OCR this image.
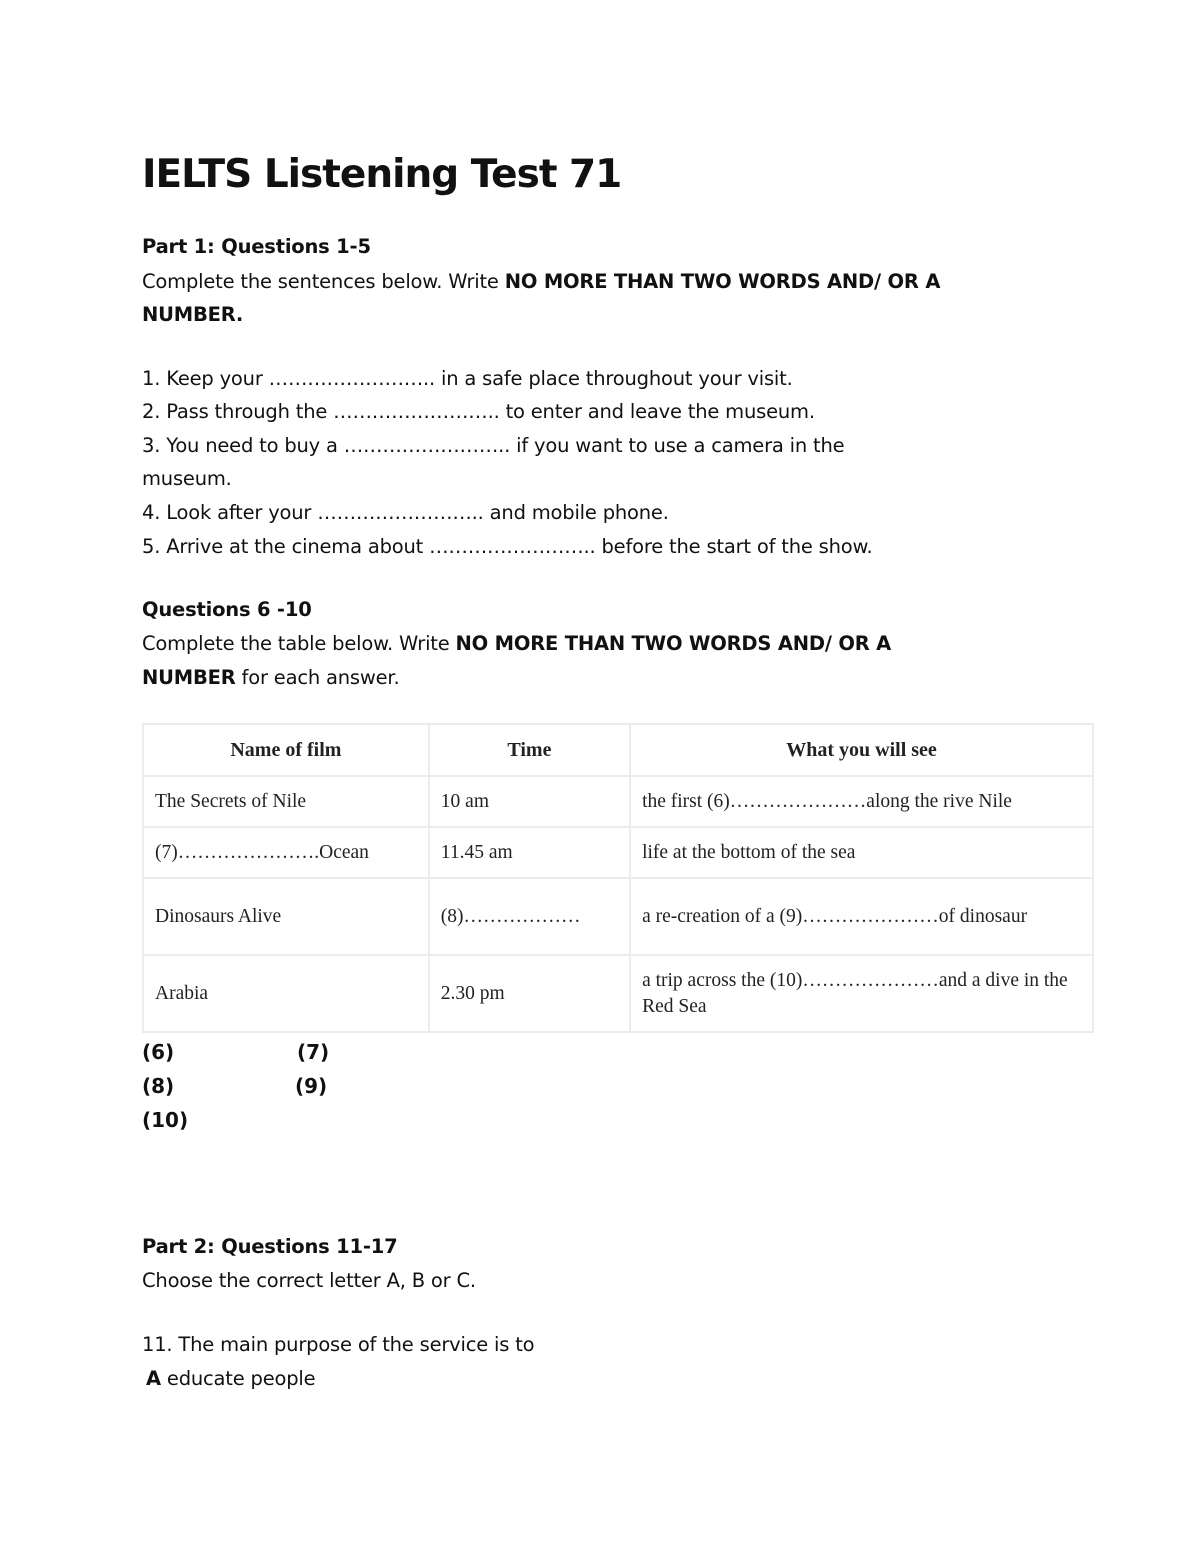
IELTS Listening Test 71
Part 1: Questions 1-5
Complete the sentences below. Write NO MORE THAN TWO WORDS AND/ OR A
NUMBER.
1. Keep your …………………….. in a safe place throughout your visit.
2. Pass through the …………………….. to enter and leave the museum.
3. You need to buy a …………………….. if you want to use a camera in the
museum.
4. Look after your …………………….. and mobile phone.
5. Arrive at the cinema about …………………….. before the start of the show.
Questions 6 -10
Complete the table below. Write NO MORE THAN TWO WORDS AND/ OR A
NUMBER for each answer.
Name of film	Time	What you will see
The Secrets of Nile	10 am	the first (6)…………………along the rive Nile
(7)………………….Ocean	11.45 am	life at the bottom of the sea
Dinosaurs Alive	(8)………………	a re-creation of a (9)…………………of dinosaur
Arabia	2.30 pm	a trip across the (10)…………………and a dive in the Red Sea
(6)	(7)
(8)	(9)
(10)
Part 2: Questions 11-17
Choose the correct letter A, B or C.
11. The main purpose of the service is to
A educate people
